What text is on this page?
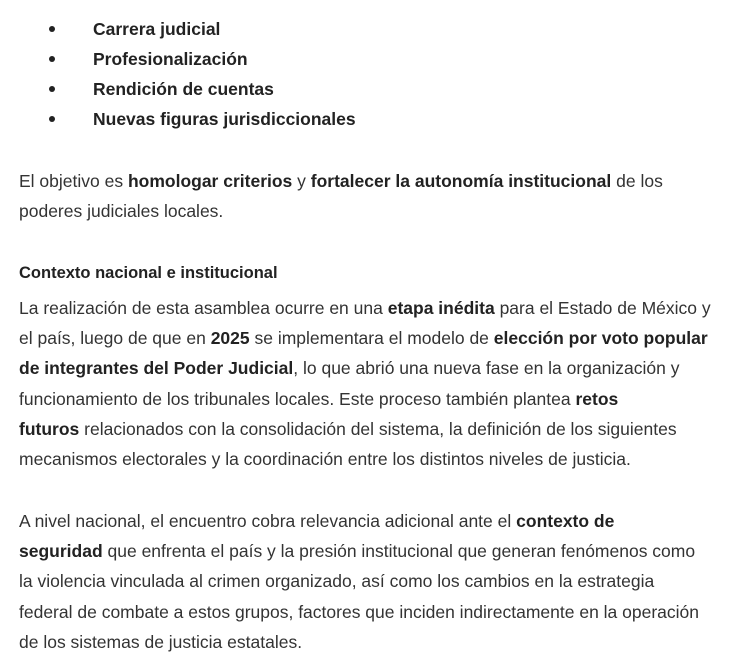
Carrera judicial
Profesionalización
Rendición de cuentas
Nuevas figuras jurisdiccionales

El objetivo es homologar criterios y fortalecer la autonomía institucional de los
poderes judiciales locales.

Contexto nacional e institucional

La realización de esta asamblea ocurre en una etapa inédita para el Estado de México y
el país, luego de que en 2025 se implementara el modelo de elección por voto popular
de integrantes del Poder Judicial, lo que abrió una nueva fase en la organización y
funcionamiento de los tribunales locales. Este proceso también plantea retos
futuros relacionados con la consolidación del sistema, la definición de los siguientes
mecanismos electorales y la coordinación entre los distintos niveles de justicia.

A nivel nacional, el encuentro cobra relevancia adicional ante el contexto de
seguridad que enfrenta el país y la presión institucional que generan fenómenos como
la violencia vinculada al crimen organizado, así como los cambios en la estrategia
federal de combate a estos grupos, factores que inciden indirectamente en la operación
de los sistemas de justicia estatales.
